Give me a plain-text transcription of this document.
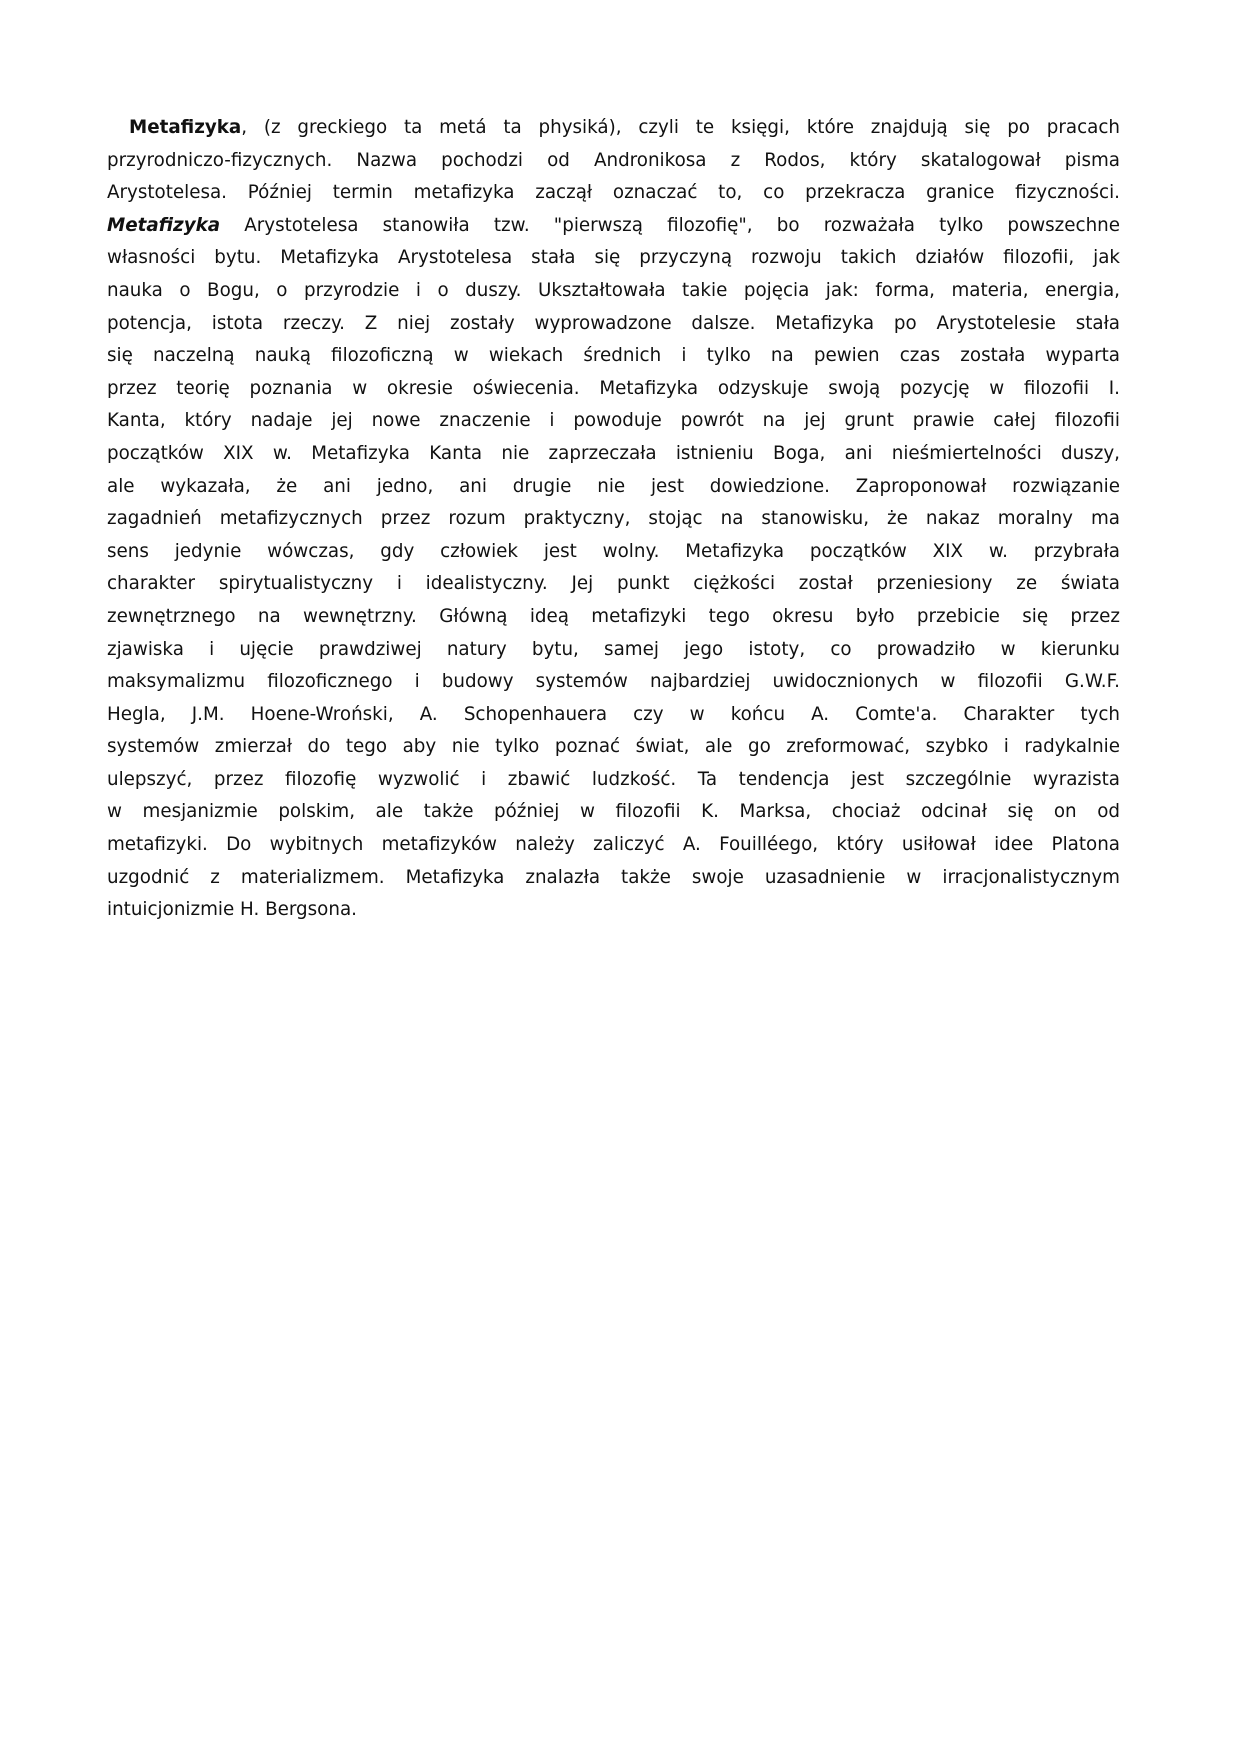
Metafizyka, (z greckiego ta metá ta physiká), czyli te księgi, które znajdują się po pracach
przyrodniczo-fizycznych. Nazwa pochodzi od Andronikosa z Rodos, który skatalogował pisma
Arystotelesa. Później termin metafizyka zaczął oznaczać to, co przekracza granice fizyczności.
Metafizyka Arystotelesa stanowiła tzw. "pierwszą filozofię", bo rozważała tylko powszechne
własności bytu. Metafizyka Arystotelesa stała się przyczyną rozwoju takich działów filozofii, jak
nauka o Bogu, o przyrodzie i o duszy. Ukształtowała takie pojęcia jak: forma, materia, energia,
potencja, istota rzeczy. Z niej zostały wyprowadzone dalsze. Metafizyka po Arystotelesie stała
się naczelną nauką filozoficzną w wiekach średnich i tylko na pewien czas została wyparta
przez teorię poznania w okresie oświecenia. Metafizyka odzyskuje swoją pozycję w filozofii I.
Kanta, który nadaje jej nowe znaczenie i powoduje powrót na jej grunt prawie całej filozofii
początków XIX w. Metafizyka Kanta nie zaprzeczała istnieniu Boga, ani nieśmiertelności duszy,
ale wykazała, że ani jedno, ani drugie nie jest dowiedzione. Zaproponował rozwiązanie
zagadnień metafizycznych przez rozum praktyczny, stojąc na stanowisku, że nakaz moralny ma
sens jedynie wówczas, gdy człowiek jest wolny. Metafizyka początków XIX w. przybrała
charakter spirytualistyczny i idealistyczny. Jej punkt ciężkości został przeniesiony ze świata
zewnętrznego na wewnętrzny. Główną ideą metafizyki tego okresu było przebicie się przez
zjawiska i ujęcie prawdziwej natury bytu, samej jego istoty, co prowadziło w kierunku
maksymalizmu filozoficznego i budowy systemów najbardziej uwidocznionych w filozofii G.W.F.
Hegla, J.M. Hoene-Wroński, A. Schopenhauera czy w końcu A. Comte'a. Charakter tych
systemów zmierzał do tego aby nie tylko poznać świat, ale go zreformować, szybko i radykalnie
ulepszyć, przez filozofię wyzwolić i zbawić ludzkość. Ta tendencja jest szczególnie wyrazista
w mesjanizmie polskim, ale także później w filozofii K. Marksa, chociaż odcinał się on od
metafizyki. Do wybitnych metafizyków należy zaliczyć A. Fouilléego, który usiłował idee Platona
uzgodnić z materializmem. Metafizyka znalazła także swoje uzasadnienie w irracjonalistycznym
intuicjonizmie H. Bergsona.
